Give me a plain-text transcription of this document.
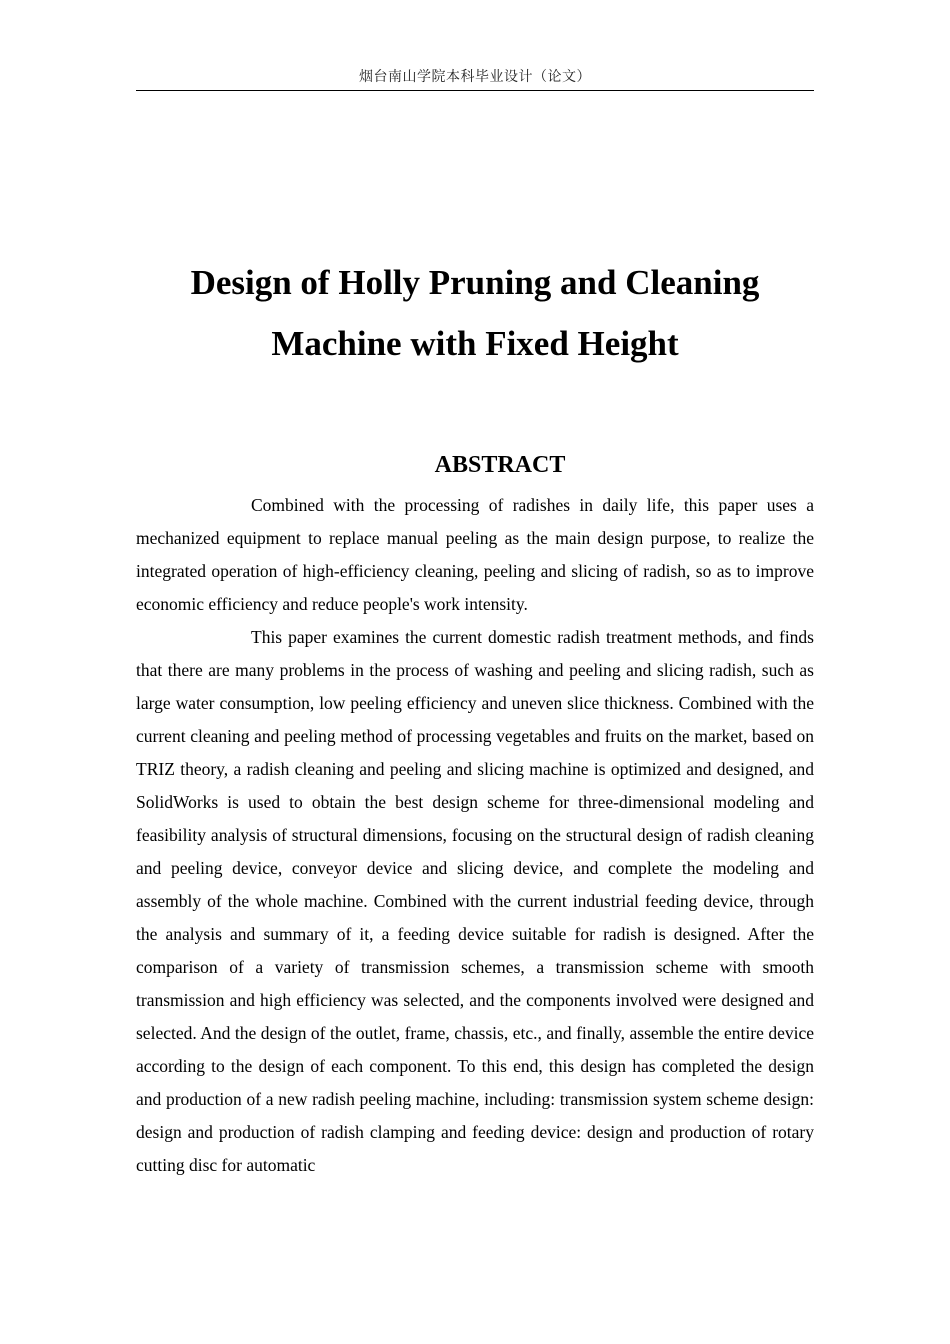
烟台南山学院本科毕业设计（论文）
Design of Holly Pruning and Cleaning
Machine with Fixed Height
ABSTRACT

Combined with the processing of radishes in daily life, this paper uses a mechanized equipment to replace manual peeling as the main design purpose, to realize the integrated operation of high-efficiency cleaning, peeling and slicing of radish, so as to improve economic efficiency and reduce people's work intensity.

This paper examines the current domestic radish treatment methods, and finds that there are many problems in the process of washing and peeling and slicing radish, such as large water consumption, low peeling efficiency and uneven slice thickness. Combined with the current cleaning and peeling method of processing vegetables and fruits on the market, based on TRIZ theory, a radish cleaning and peeling and slicing machine is optimized and designed, and SolidWorks is used to obtain the best design scheme for three-dimensional modeling and feasibility analysis of structural dimensions, focusing on the structural design of radish cleaning and peeling device, conveyor device and slicing device, and complete the modeling and assembly of the whole machine. Combined with the current industrial feeding device, through the analysis and summary of it, a feeding device suitable for radish is designed. After the comparison of a variety of transmission schemes, a transmission scheme with smooth transmission and high efficiency was selected, and the components involved were designed and selected. And the design of the outlet, frame, chassis, etc., and finally, assemble the entire device according to the design of each component. To this end, this design has completed the design and production of a new radish peeling machine, including: transmission system scheme design: design and production of radish clamping and feeding device: design and production of rotary cutting disc for automatic
